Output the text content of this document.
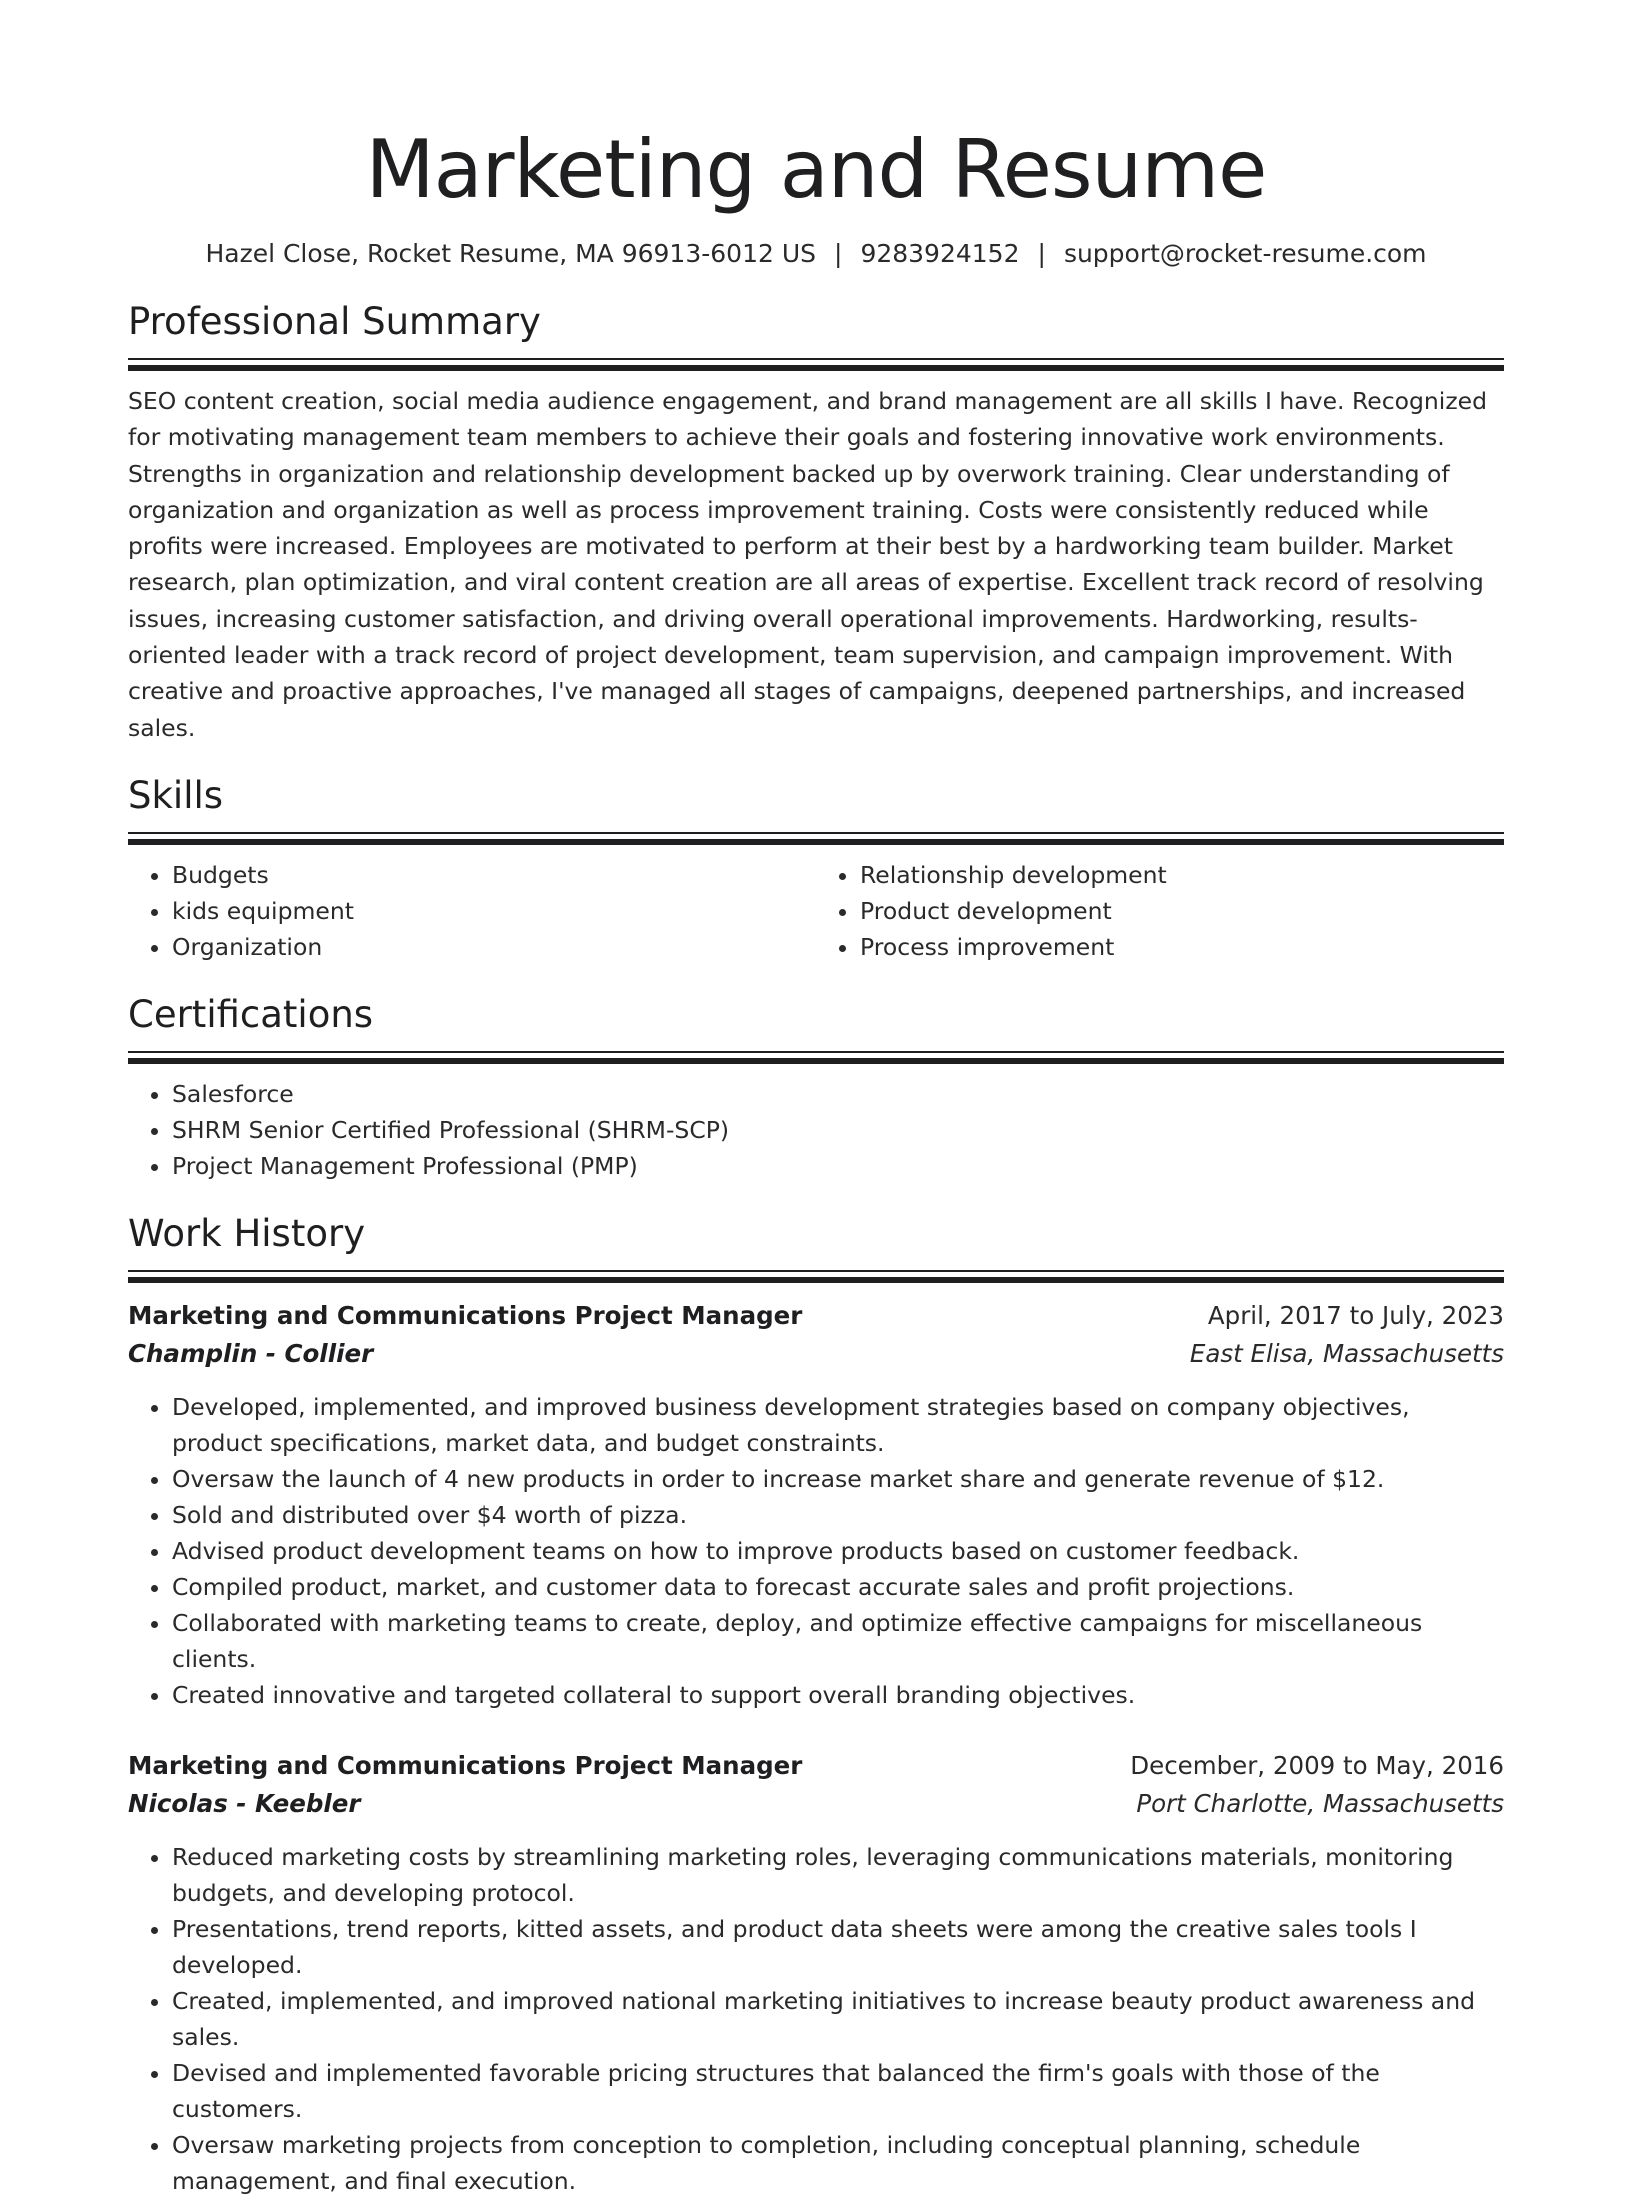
Marketing and Resume
Hazel Close, Rocket Resume, MA 96913-6012 US | 9283924152 | support@rocket-resume.com
Professional Summary

SEO content creation, social media audience engagement, and brand management are all skills I have. Recognized for motivating management team members to achieve their goals and fostering innovative work environments. Strengths in organization and relationship development backed up by overwork training. Clear understanding of organization and organization as well as process improvement training. Costs were consistently reduced while profits were increased. Employees are motivated to perform at their best by a hardworking team builder. Market research, plan optimization, and viral content creation are all areas of expertise. Excellent track record of resolving issues, increasing customer satisfaction, and driving overall operational improvements. Hardworking, results-oriented leader with a track record of project development, team supervision, and campaign improvement. With creative and proactive approaches, I've managed all stages of campaigns, deepened partnerships, and increased sales.

Skills
• Budgets
• kids equipment
• Organization
• Relationship development
• Product development
• Process improvement
Certifications
• Salesforce
• SHRM Senior Certified Professional (SHRM-SCP)
• Project Management Professional (PMP)
Work History
Marketing and Communications Project Manager	April, 2017 to July, 2023
Champlin - Collier	East Elisa, Massachusetts
• Developed, implemented, and improved business development strategies based on company objectives, product specifications, market data, and budget constraints.
• Oversaw the launch of 4 new products in order to increase market share and generate revenue of $12.
• Sold and distributed over $4 worth of pizza.
• Advised product development teams on how to improve products based on customer feedback.
• Compiled product, market, and customer data to forecast accurate sales and profit projections.
• Collaborated with marketing teams to create, deploy, and optimize effective campaigns for miscellaneous clients.
• Created innovative and targeted collateral to support overall branding objectives.
Marketing and Communications Project Manager	December, 2009 to May, 2016
Nicolas - Keebler	Port Charlotte, Massachusetts
• Reduced marketing costs by streamlining marketing roles, leveraging communications materials, monitoring budgets, and developing protocol.
• Presentations, trend reports, kitted assets, and product data sheets were among the creative sales tools I developed.
• Created, implemented, and improved national marketing initiatives to increase beauty product awareness and sales.
• Devised and implemented favorable pricing structures that balanced the firm's goals with those of the customers.
• Oversaw marketing projects from conception to completion, including conceptual planning, schedule management, and final execution.
